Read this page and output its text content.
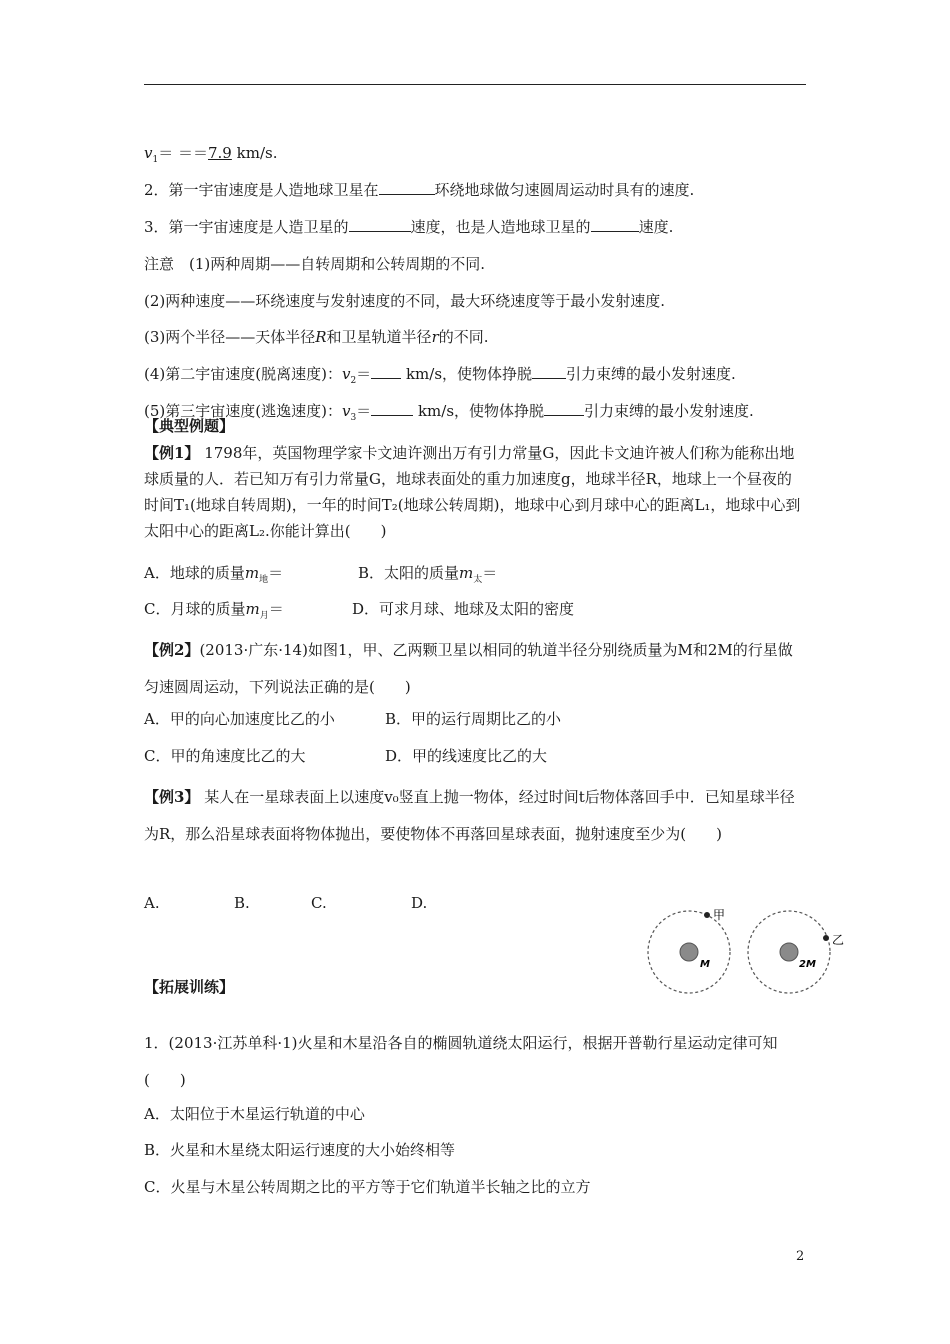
$v_1= ==7.9$ km/s.
2．第一宇宙速度是人造地球卫星在	环绕地球做匀速圆周运动时具有的速度.
3．第一宇宙速度是人造卫星的	速度，也是人造地球卫星的	速度.
注意　(1)两种周期——自转周期和公转周期的不同.
(2)两种速度——环绕速度与发射速度的不同，最大环绕速度等于最小发射速度.
(3)两个半径——天体半径R和卫星轨道半径r的不同.
(4)第二宇宙速度(脱离速度)：$v_2= km/s$，使物体挣脱 引力束缚的最小发射速度.
(5)第三宇宙速度(逃逸速度)：$v_3=$	km/s，使物体挣脱	引力束缚的最小发射速度.
【典型例题】
【例1】 1798年，英国物理学家卡文迪许测出万有引力常量G，因此卡文迪许被人们称为能称出地球质量的人．若已知万有引力常量G，地球表面处的重力加速度g，地球半径R，地球上一个昼夜的时间T₁(地球自转周期)，一年的时间T₂(地球公转周期)，地球中心到月球中心的距离L₁，地球中心到太阳中心的距离L₂.你能计算出(　　)
A．地球的质量$m_地=$	B．太阳的质量$m_太=$
C．月球的质量$m_月=$	D．可求月球、地球及太阳的密度
【例2】(2013·广东·14)如图1，甲、乙两颗卫星以相同的轨道半径分别绕质量为M和2M的行星做匀速圆周运动，下列说法正确的是(　　)
A．甲的向心加速度比乙的小	B．甲的运行周期比乙的小
C．甲的角速度比乙的大	D．甲的线速度比乙的大
【例3】 某人在一星球表面上以速度v₀竖直上抛一物体，经过时间t后物体落回手中．已知星球半径为R，那么沿星球表面将物体抛出，要使物体不再落回星球表面，抛射速度至少为(　　)
A.	B.	C.	D.
甲
M
乙
2M
【拓展训练】
1．(2013·江苏单科·1)火星和木星沿各自的椭圆轨道绕太阳运行，根据开普勒行星运动定律可知(　　)
A．太阳位于木星运行轨道的中心
B．火星和木星绕太阳运行速度的大小始终相等
C．火星与木星公转周期之比的平方等于它们轨道半长轴之比的立方
2
